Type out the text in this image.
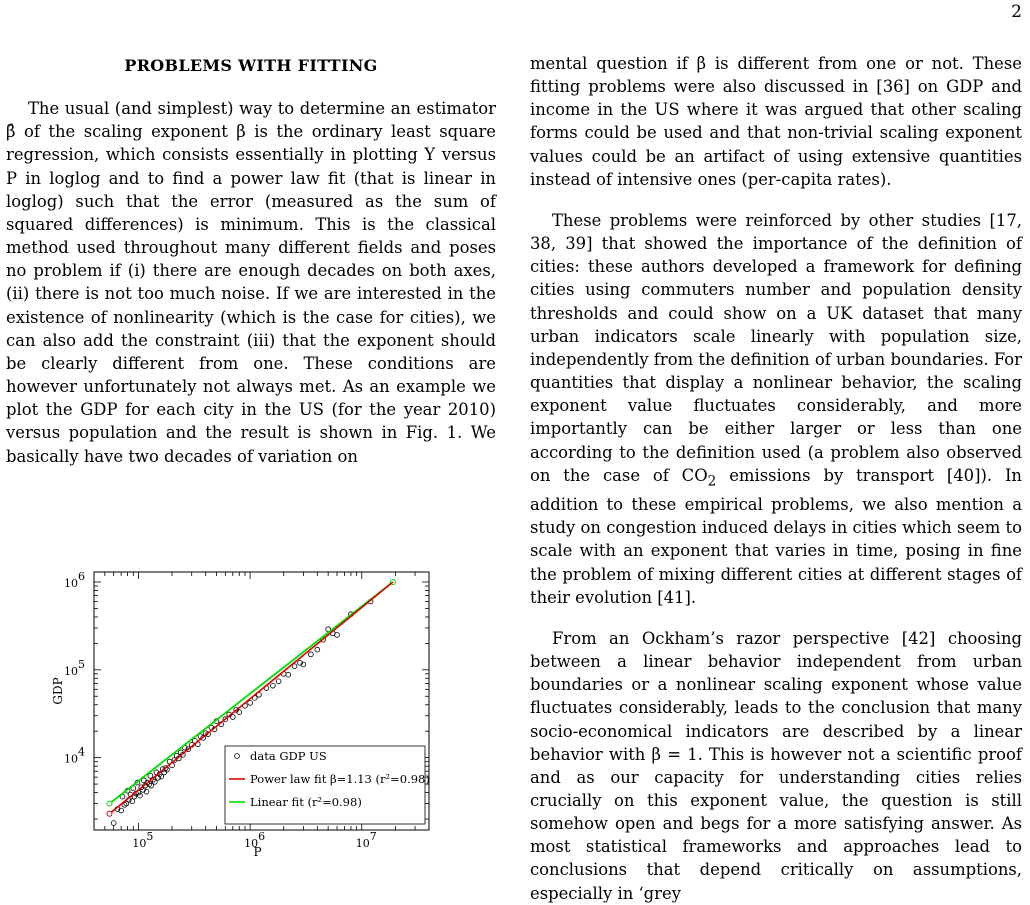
2
PROBLEMS WITH FITTING

The usual (and simplest) way to determine an estimator β̂ of the scaling exponent β is the ordinary least square regression, which consists essentially in plotting Y versus P in loglog and to find a power law fit (that is linear in loglog) such that the error (measured as the sum of squared differences) is minimum. This is the classical method used throughout many different fields and poses no problem if (i) there are enough decades on both axes, (ii) there is not too much noise. If we are interested in the existence of nonlinearity (which is the case for cities), we can also add the constraint (iii) that the exponent should be clearly different from one. These conditions are however unfortunately not always met. As an example we plot the GDP for each city in the US (for the year 2010) versus population and the result is shown in Fig. 1. We basically have two decades of variation on

10
5
10
6
10
7
10
4
10
5
10
6
P
GDP
data GDP US
Power law fit β=1.13 (r²=0.98)
Linear fit (r²=0.98)

mental question if β is different from one or not. These fitting problems were also discussed in [36] on GDP and income in the US where it was argued that other scaling forms could be used and that non-trivial scaling exponent values could be an artifact of using extensive quantities instead of intensive ones (per-capita rates).

These problems were reinforced by other studies [17, 38, 39] that showed the importance of the definition of cities: these authors developed a framework for defining cities using commuters number and population density thresholds and could show on a UK dataset that many urban indicators scale linearly with population size, independently from the definition of urban boundaries. For quantities that display a nonlinear behavior, the scaling exponent value fluctuates considerably, and more importantly can be either larger or less than one according to the definition used (a problem also observed on the case of $CO_2$ emissions by transport [40]). In addition to these empirical problems, we also mention a study on congestion induced delays in cities which seem to scale with an exponent that varies in time, posing in fine the problem of mixing different cities at different stages of their evolution [41].

From an Ockham’s razor perspective [42] choosing between a linear behavior independent from urban boundaries or a nonlinear scaling exponent whose value fluctuates considerably, leads to the conclusion that many socio-economical indicators are described by a linear behavior with β = 1. This is however not a scientific proof and as our capacity for understanding cities relies crucially on this exponent value, the question is still somehow open and begs for a more satisfying answer. As most statistical frameworks and approaches lead to conclusions that depend critically on assumptions, especially in ‘grey
